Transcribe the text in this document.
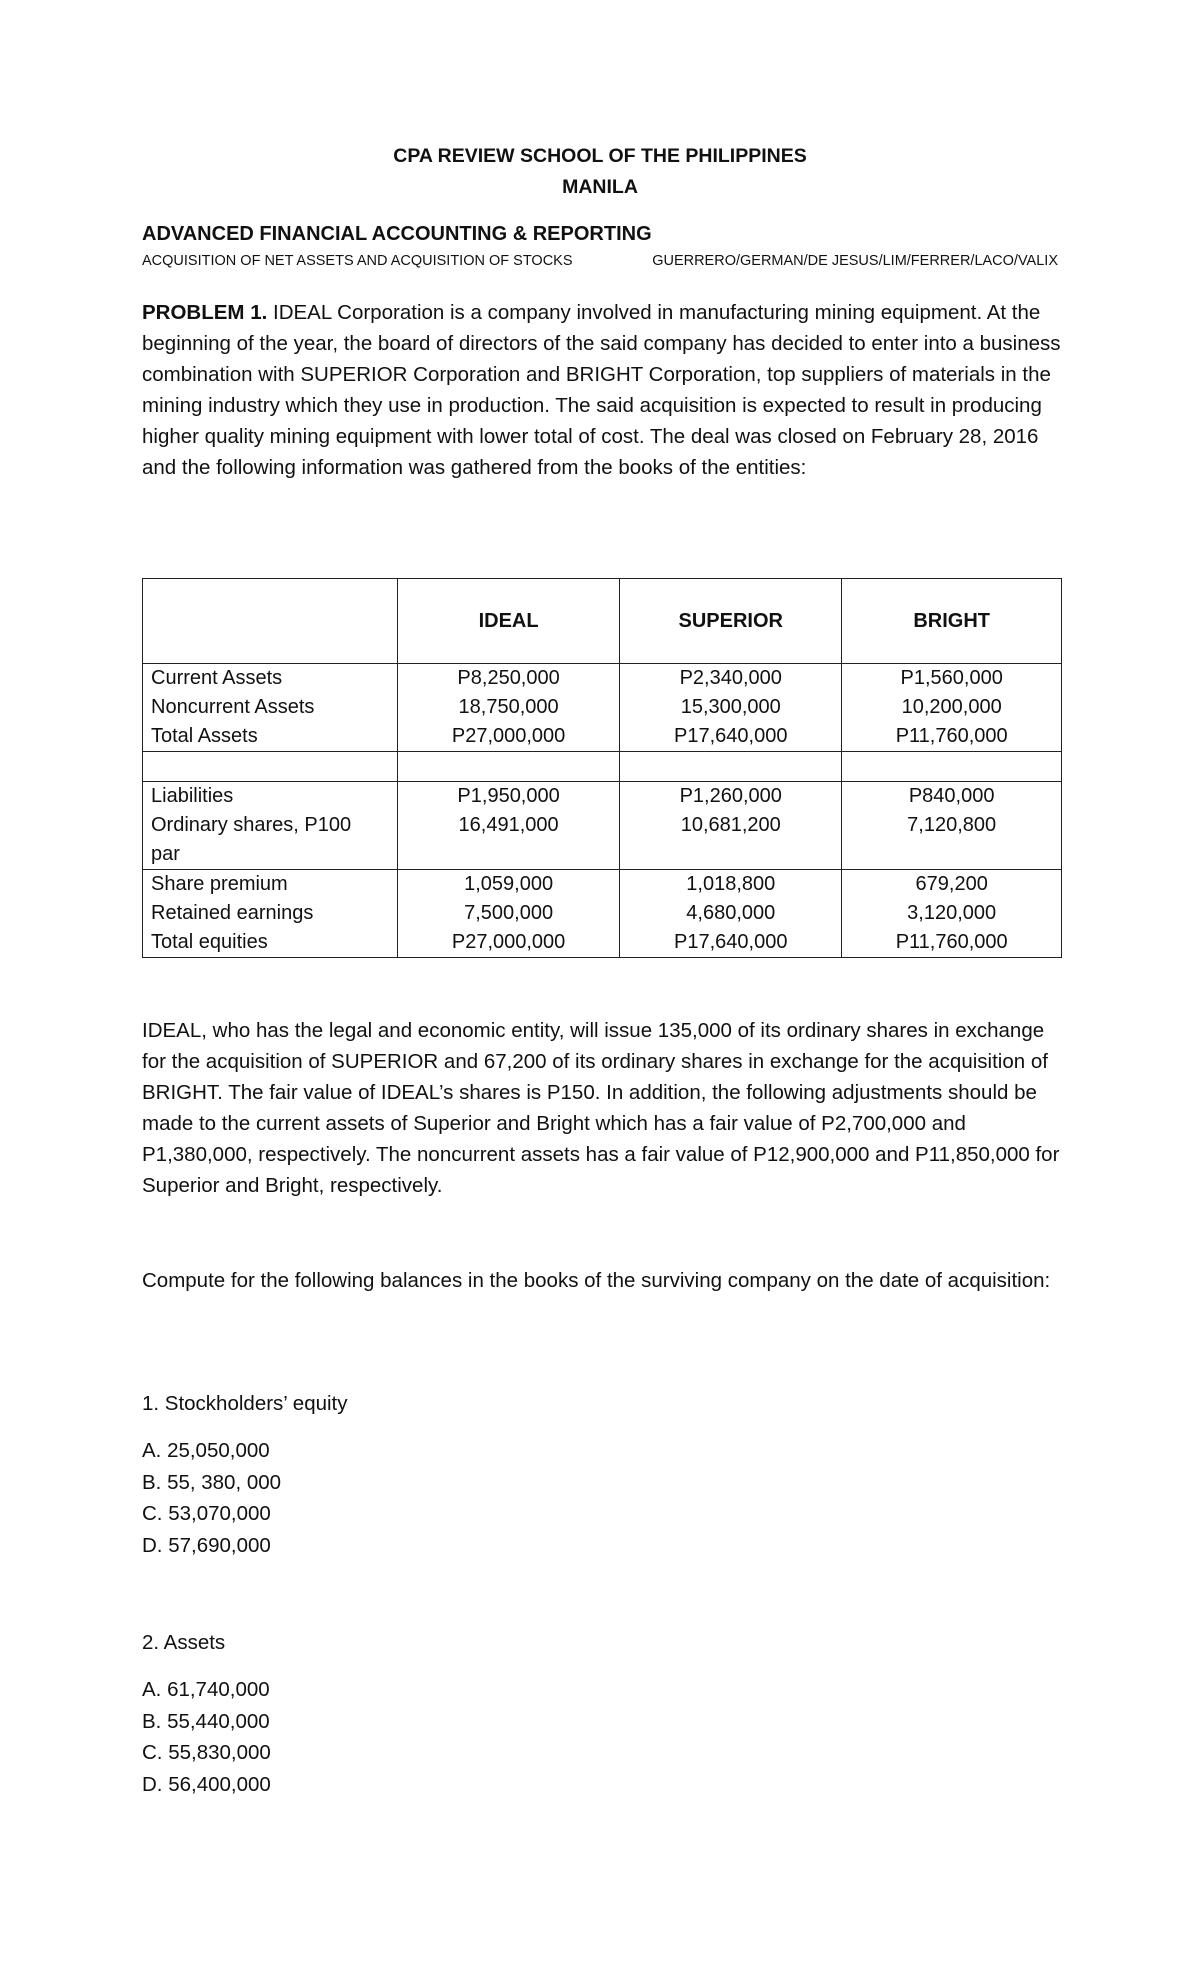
CPA REVIEW SCHOOL OF THE PHILIPPINES
MANILA
ADVANCED FINANCIAL ACCOUNTING & REPORTING
ACQUISITION OF NET ASSETS AND ACQUISITION OF STOCKS	GUERRERO/GERMAN/DE JESUS/LIM/FERRER/LACO/VALIX
PROBLEM 1. IDEAL Corporation is a company involved in manufacturing mining equipment. At the beginning of the year, the board of directors of the said company has decided to enter into a business combination with SUPERIOR Corporation and BRIGHT Corporation, top suppliers of materials in the mining industry which they use in production. The said acquisition is expected to result in producing higher quality mining equipment with lower total of cost. The deal was closed on February 28, 2016 and the following information was gathered from the books of the entities:
	IDEAL	SUPERIOR	BRIGHT
Current Assets	P8,250,000	P2,340,000	P1,560,000
Noncurrent Assets	18,750,000	15,300,000	10,200,000
Total Assets	P27,000,000	P17,640,000	P11,760,000

Liabilities	P1,950,000	P1,260,000	P840,000
Ordinary shares, P100	16,491,000	10,681,200	7,120,800
par			
Share premium	1,059,000	1,018,800	679,200
Retained earnings	7,500,000	4,680,000	3,120,000
Total equities	P27,000,000	P17,640,000	P11,760,000
IDEAL, who has the legal and economic entity, will issue 135,000 of its ordinary shares in exchange for the acquisition of SUPERIOR and 67,200 of its ordinary shares in exchange for the acquisition of BRIGHT. The fair value of IDEAL’s shares is P150. In addition, the following adjustments should be made to the current assets of Superior and Bright which has a fair value of P2,700,000 and P1,380,000, respectively. The noncurrent assets has a fair value of P12,900,000 and P11,850,000 for Superior and Bright, respectively.
Compute for the following balances in the books of the surviving company on the date of acquisition:
1. Stockholders’ equity
A. 25,050,000
B. 55, 380, 000
C. 53,070,000
D. 57,690,000
2. Assets
A. 61,740,000
B. 55,440,000
C. 55,830,000
D. 56,400,000
